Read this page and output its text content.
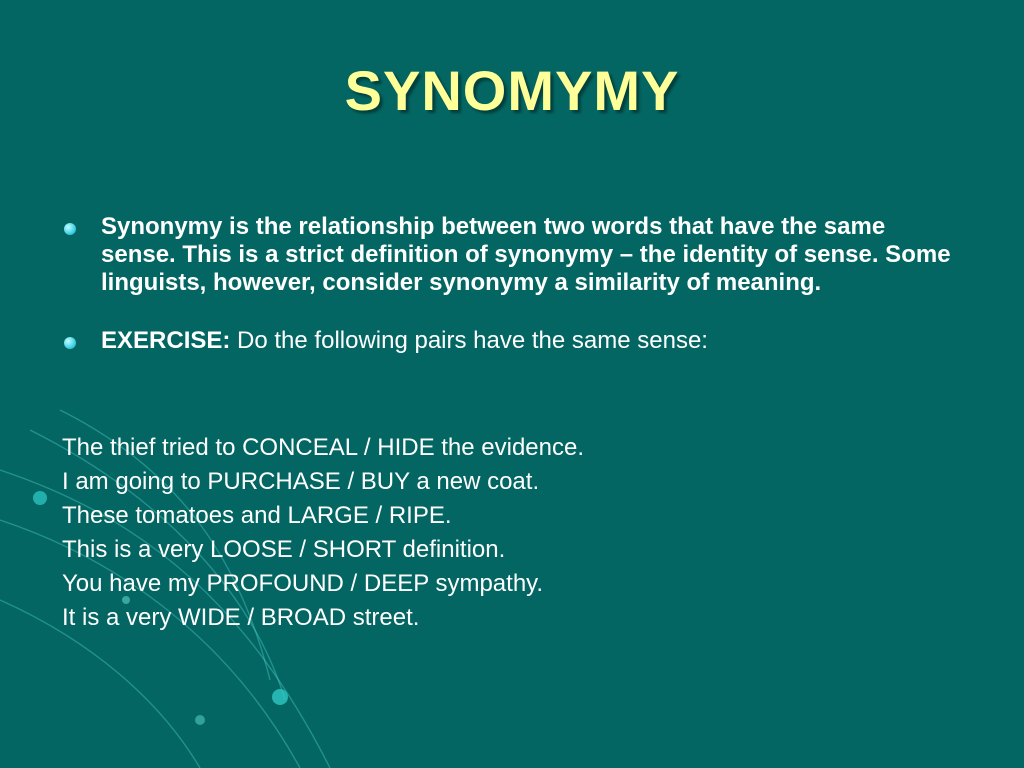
SYNOMYMY
Synonymy is the relationship between two words that have the same sense. This is a strict definition of synonymy – the identity of sense. Some linguists, however, consider synonymy a similarity of meaning.
EXERCISE: Do the following pairs have the same sense:
The thief tried to CONCEAL / HIDE the evidence.
I am going to PURCHASE / BUY a new coat.
These tomatoes and LARGE / RIPE.
This is a very LOOSE / SHORT definition.
You have my PROFOUND / DEEP sympathy.
It is a very WIDE / BROAD street.
